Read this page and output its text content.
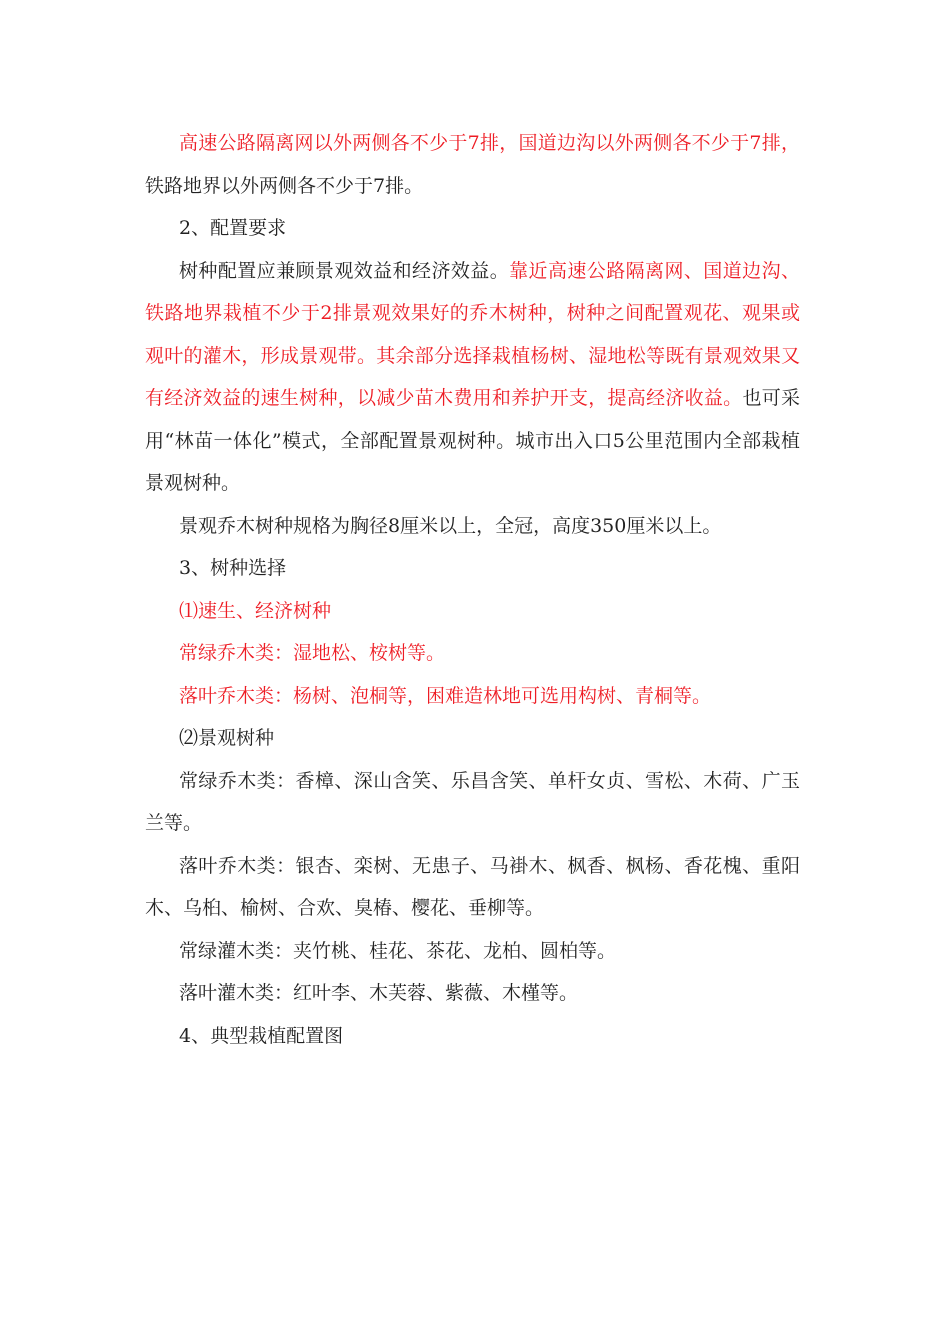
高速公路隔离网以外两侧各不少于7排，国道边沟以外两侧各不少于7排，铁路地界以外两侧各不少于7排。

2、配置要求

树种配置应兼顾景观效益和经济效益。靠近高速公路隔离网、国道边沟、铁路地界栽植不少于2排景观效果好的乔木树种，树种之间配置观花、观果或观叶的灌木，形成景观带。其余部分选择栽植杨树、湿地松等既有景观效果又有经济效益的速生树种，以减少苗木费用和养护开支，提高经济收益。也可采用“林苗一体化”模式，全部配置景观树种。城市出入口5公里范围内全部栽植景观树种。

景观乔木树种规格为胸径8厘米以上，全冠，高度350厘米以上。

3、树种选择

⑴速生、经济树种

常绿乔木类：湿地松、桉树等。

落叶乔木类：杨树、泡桐等，困难造林地可选用构树、青桐等。

⑵景观树种

常绿乔木类：香樟、深山含笑、乐昌含笑、单杆女贞、雪松、木荷、广玉兰等。

落叶乔木类：银杏、栾树、无患子、马褂木、枫香、枫杨、香花槐、重阳木、乌桕、榆树、合欢、臭椿、樱花、垂柳等。

常绿灌木类：夹竹桃、桂花、茶花、龙柏、圆柏等。

落叶灌木类：红叶李、木芙蓉、紫薇、木槿等。

4、典型栽植配置图
